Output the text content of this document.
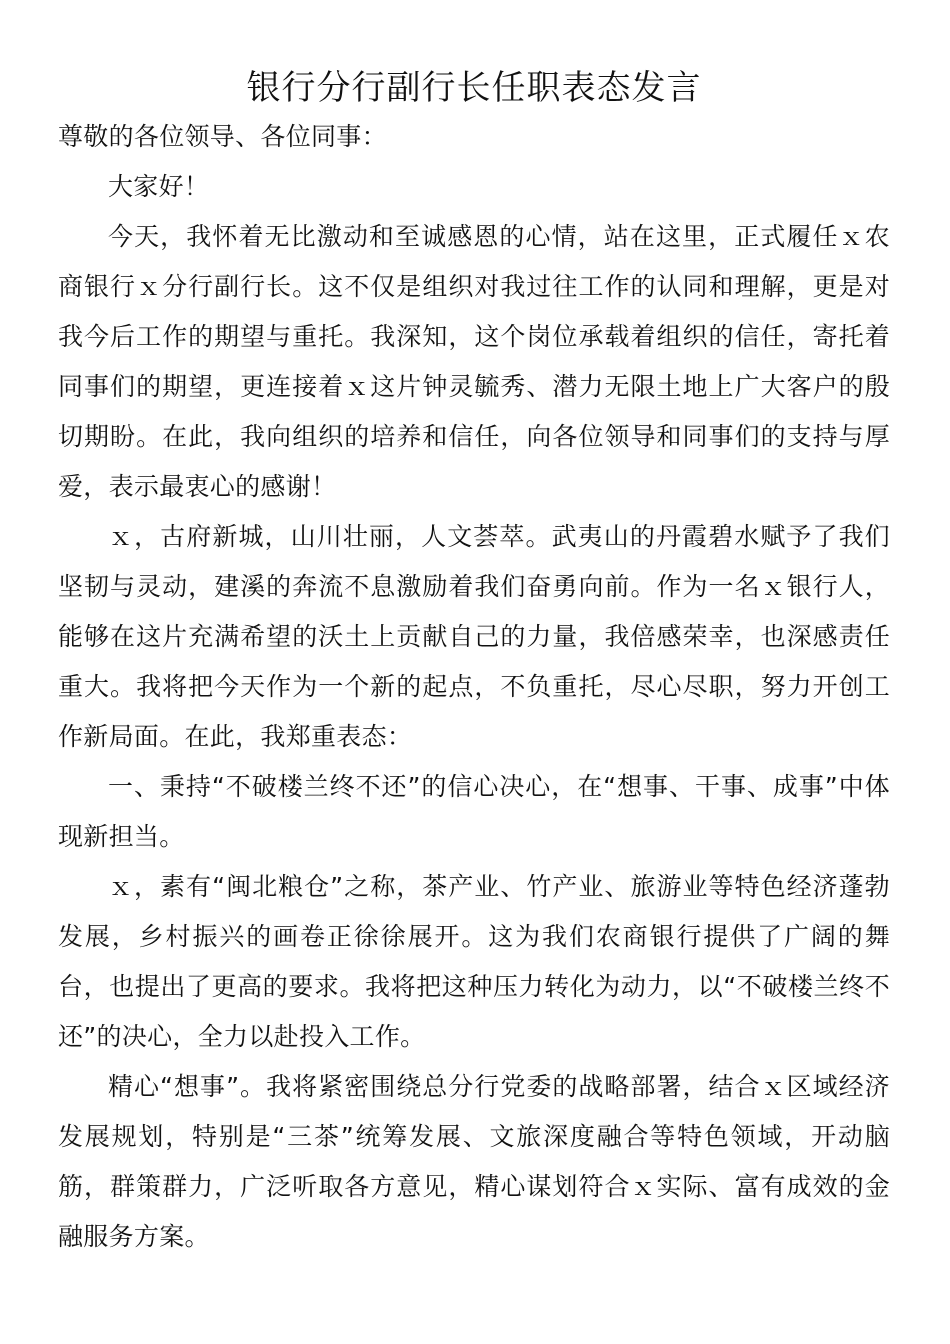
银行分行副行长任职表态发言

尊敬的各位领导、各位同事：

大家好！

今天，我怀着无比激动和至诚感恩的心情，站在这里，正式履任ｘ农商银行ｘ分行副行长。这不仅是组织对我过往工作的认同和理解，更是对我今后工作的期望与重托。我深知，这个岗位承载着组织的信任，寄托着同事们的期望，更连接着ｘ这片钟灵毓秀、潜力无限土地上广大客户的殷切期盼。在此，我向组织的培养和信任，向各位领导和同事们的支持与厚爱，表示最衷心的感谢！

ｘ，古府新城，山川壮丽，人文荟萃。武夷山的丹霞碧水赋予了我们坚韧与灵动，建溪的奔流不息激励着我们奋勇向前。作为一名ｘ银行人，能够在这片充满希望的沃土上贡献自己的力量，我倍感荣幸，也深感责任重大。我将把今天作为一个新的起点，不负重托，尽心尽职，努力开创工作新局面。在此，我郑重表态：

一、秉持“不破楼兰终不还”的信心决心，在“想事、干事、成事”中体现新担当。

ｘ，素有“闽北粮仓”之称，茶产业、竹产业、旅游业等特色经济蓬勃发展，乡村振兴的画卷正徐徐展开。这为我们农商银行提供了广阔的舞台，也提出了更高的要求。我将把这种压力转化为动力，以“不破楼兰终不还”的决心，全力以赴投入工作。

精心“想事”。我将紧密围绕总分行党委的战略部署，结合ｘ区域经济发展规划，特别是“三茶”统筹发展、文旅深度融合等特色领域，开动脑筋，群策群力，广泛听取各方意见，精心谋划符合ｘ实际、富有成效的金融服务方案。
